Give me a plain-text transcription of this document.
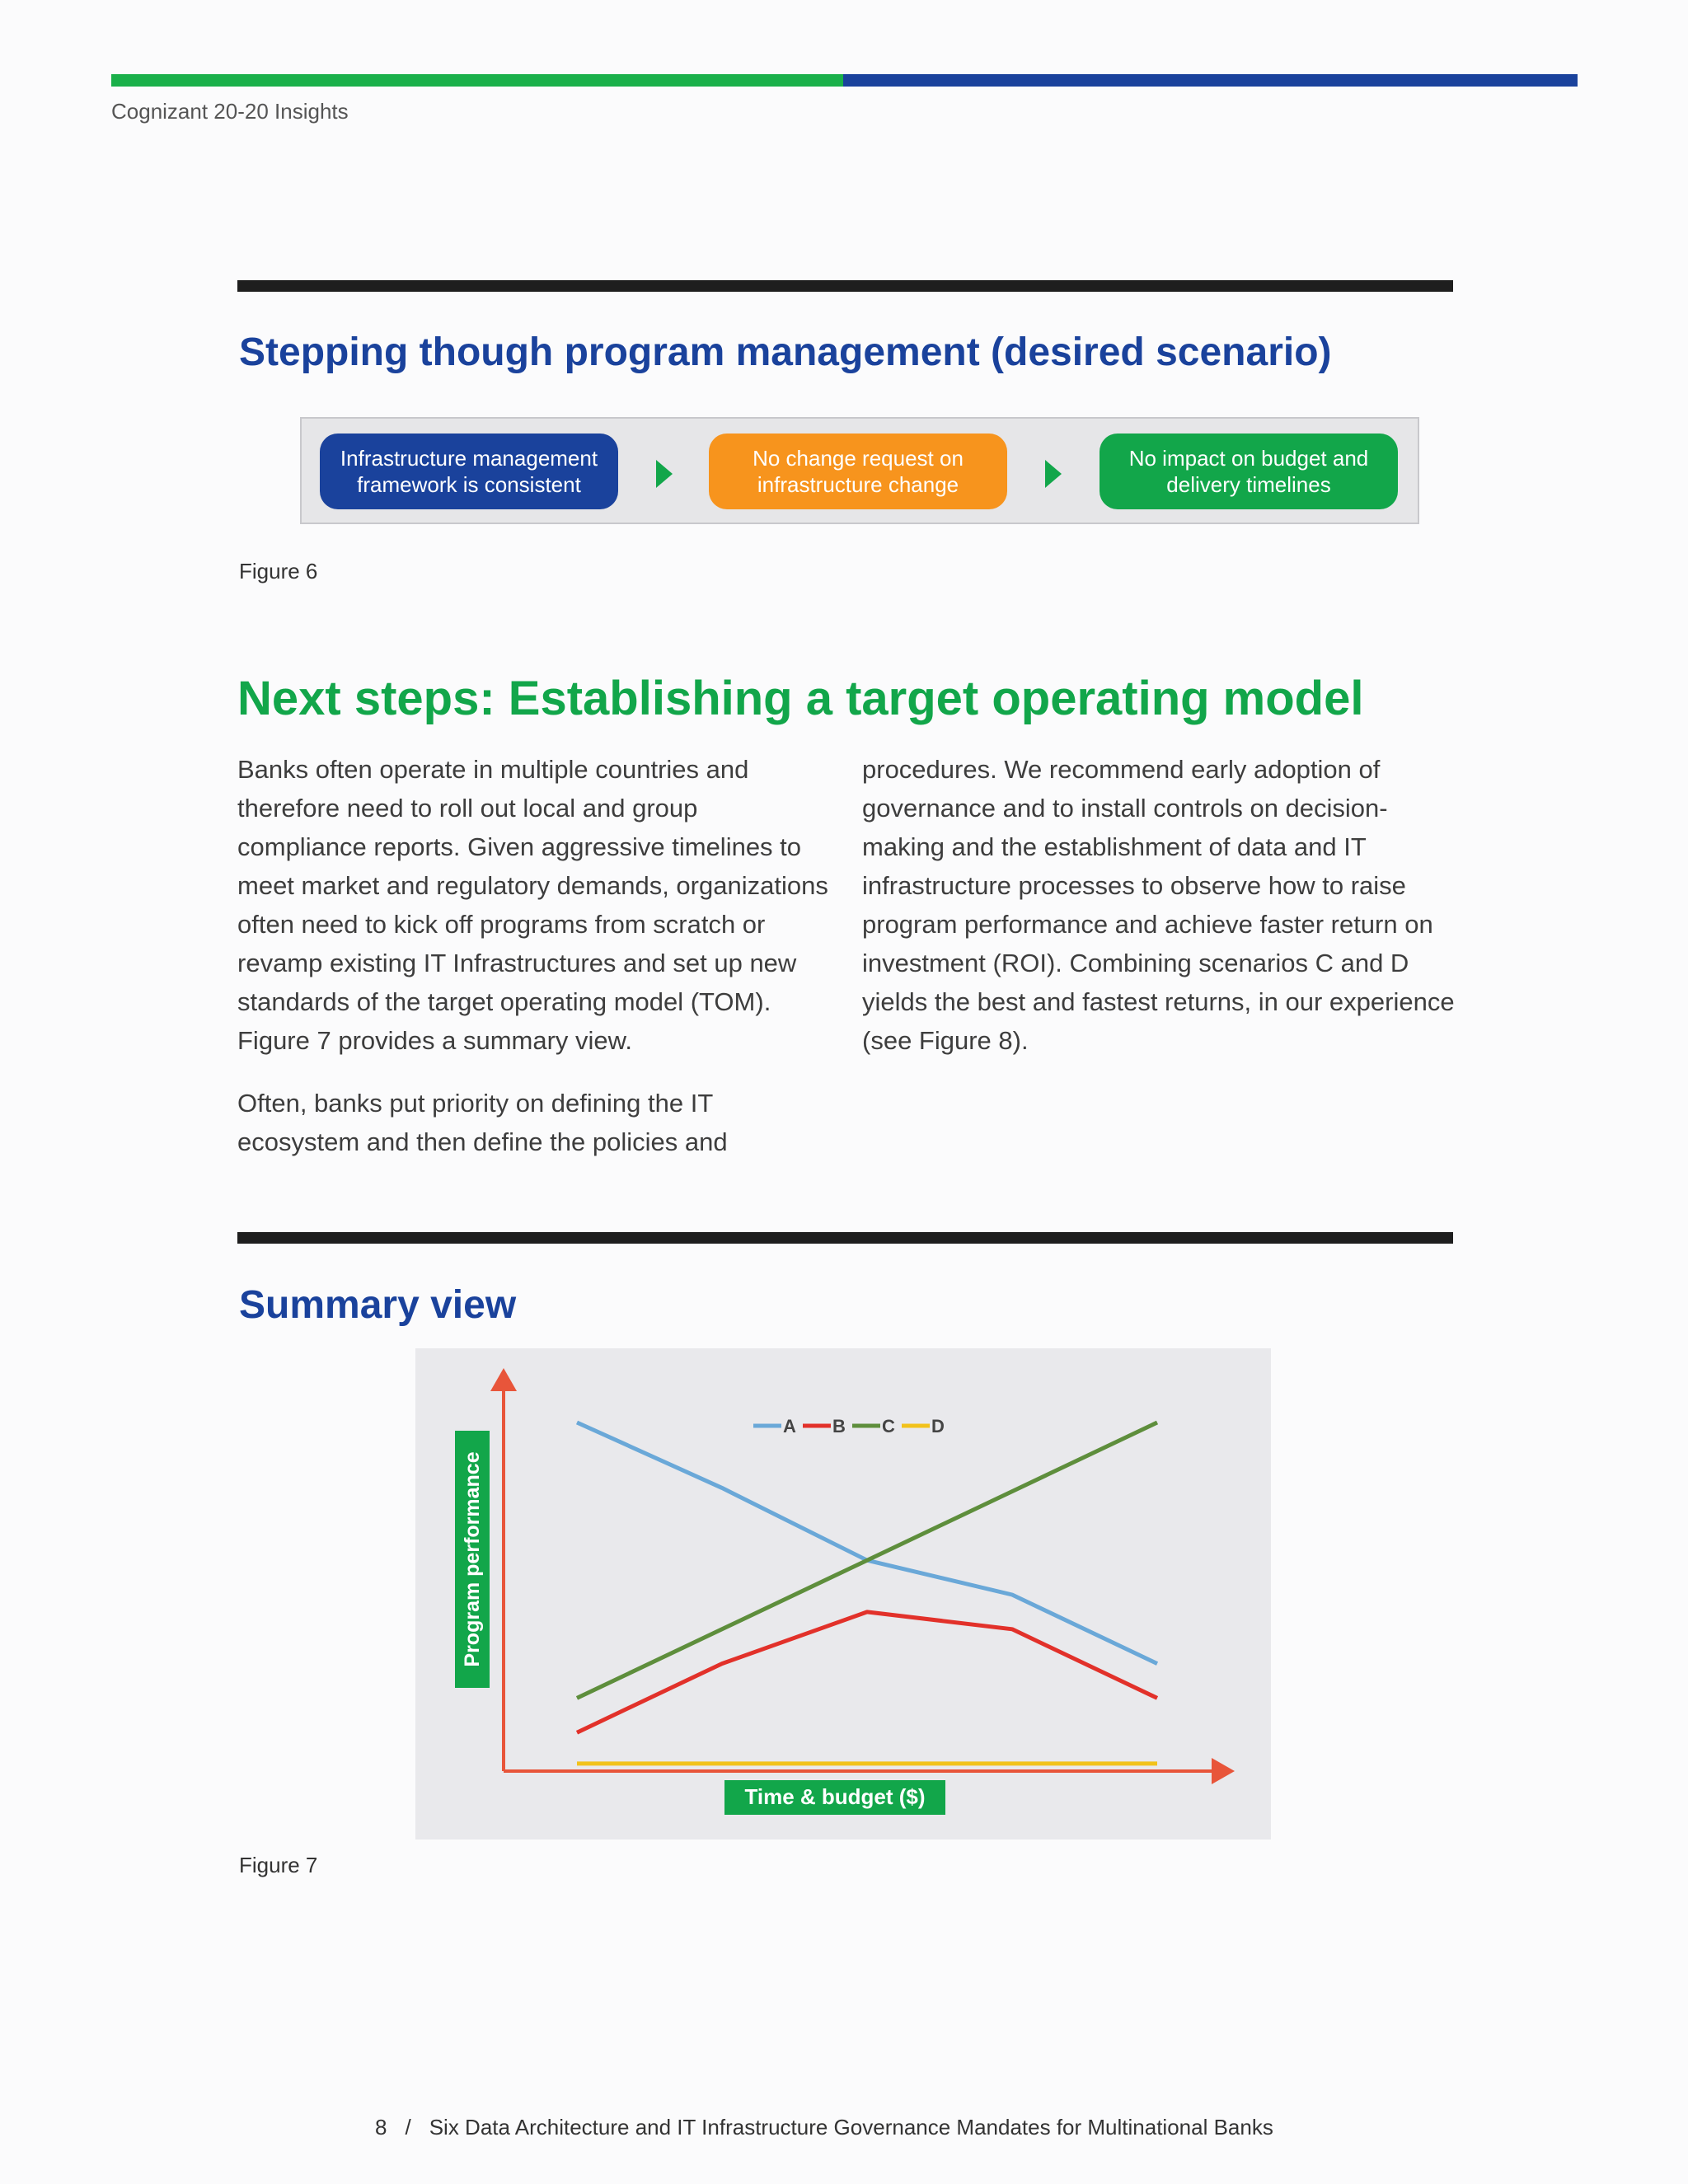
Cognizant 20-20 Insights
Stepping though program management (desired scenario)
Infrastructure management framework is consistent
No change request on infrastructure change
No impact on budget and delivery timelines
Figure 6
Next steps: Establishing a target operating model

Banks often operate in multiple countries and therefore need to roll out local and group compliance reports. Given aggressive timelines to meet market and regulatory demands, organizations often need to kick off programs from scratch or revamp existing IT Infrastructures and set up new standards of the target operating model (TOM). Figure 7 provides a summary view.

Often, banks put priority on defining the IT ecosystem and then define the policies and

procedures. We recommend early adoption of governance and to install controls on decision-making and the establishment of data and IT infrastructure processes to observe how to raise program performance and achieve faster return on investment (ROI). Combining scenarios C and D yields the best and fastest returns, in our experience (see Figure 8).

Summary view
A B C D
Time & budget ($)
Program performance
Figure 7
8 / Six Data Architecture and IT Infrastructure Governance Mandates for Multinational Banks
